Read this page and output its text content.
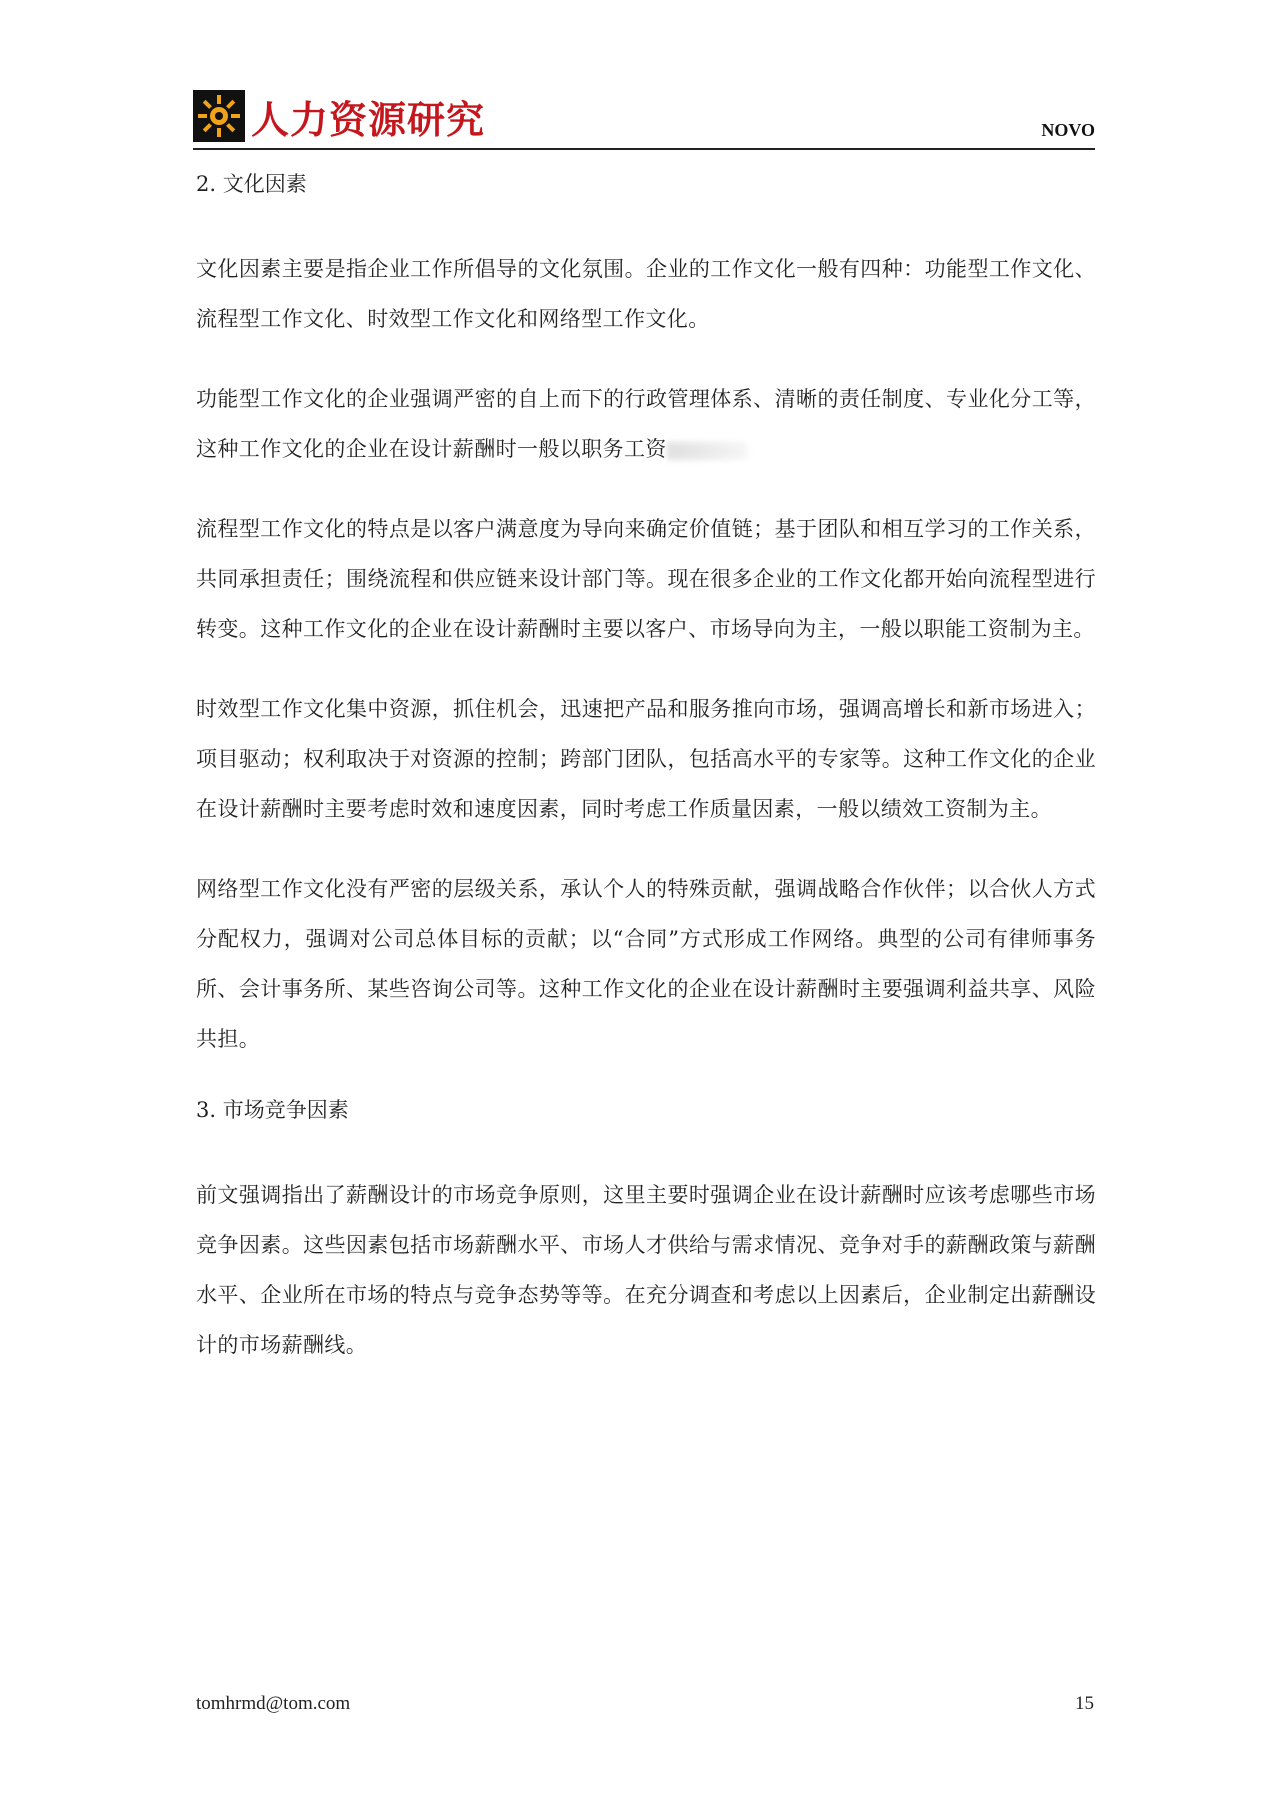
人力资源研究	NOVO

2. 文化因素

文化因素主要是指企业工作所倡导的文化氛围。企业的工作文化一般有四种：功能型工作文化、流程型工作文化、时效型工作文化和网络型工作文化。

功能型工作文化的企业强调严密的自上而下的行政管理体系、清晰的责任制度、专业化分工等，这种工作文化的企业在设计薪酬时一般以职务工资

流程型工作文化的特点是以客户满意度为导向来确定价值链；基于团队和相互学习的工作关系，共同承担责任；围绕流程和供应链来设计部门等。现在很多企业的工作文化都开始向流程型进行转变。这种工作文化的企业在设计薪酬时主要以客户、市场导向为主，一般以职能工资制为主。

时效型工作文化集中资源，抓住机会，迅速把产品和服务推向市场，强调高增长和新市场进入；项目驱动；权利取决于对资源的控制；跨部门团队，包括高水平的专家等。这种工作文化的企业在设计薪酬时主要考虑时效和速度因素，同时考虑工作质量因素，一般以绩效工资制为主。

网络型工作文化没有严密的层级关系，承认个人的特殊贡献，强调战略合作伙伴；以合伙人方式分配权力，强调对公司总体目标的贡献；以“合同”方式形成工作网络。典型的公司有律师事务所、会计事务所、某些咨询公司等。这种工作文化的企业在设计薪酬时主要强调利益共享、风险共担。

3. 市场竞争因素

前文强调指出了薪酬设计的市场竞争原则，这里主要时强调企业在设计薪酬时应该考虑哪些市场竞争因素。这些因素包括市场薪酬水平、市场人才供给与需求情况、竞争对手的薪酬政策与薪酬水平、企业所在市场的特点与竞争态势等等。在充分调查和考虑以上因素后，企业制定出薪酬设计的市场薪酬线。

tomhrmd@tom.com	15
